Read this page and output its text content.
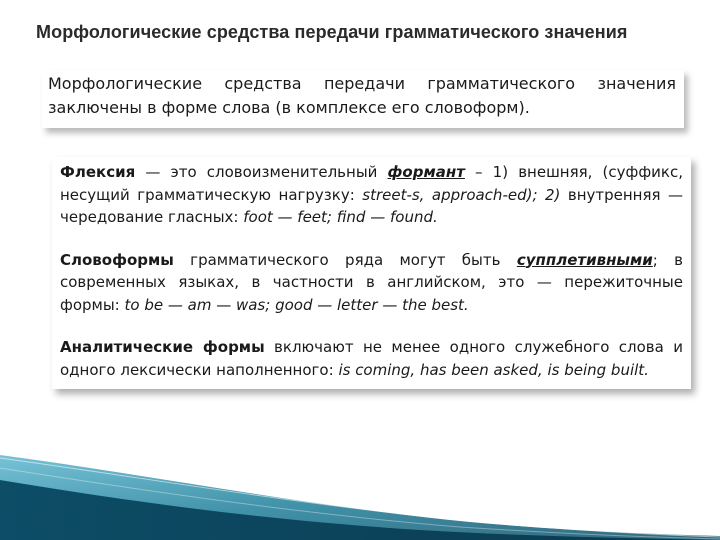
Морфологические средства передачи грамматического значения
Морфологические средства передачи грамматического значения заключены в форме слова (в комплексе его словоформ).

Флексия — это словоизменительный формант – 1) внешняя, (суффикс, несущий грамматическую нагрузку: street-s, approach-ed); 2) внутренняя — чередование гласных: foot — feet; find — found.

Словоформы грамматического ряда могут быть супплетивными; в современных языках, в частности в английском, это — пережиточные формы: to be — am — was; good — letter — the best.

Аналитические формы включают не менее одного служебного слова и одного лексически наполненного: is coming, has been asked, is being built.
